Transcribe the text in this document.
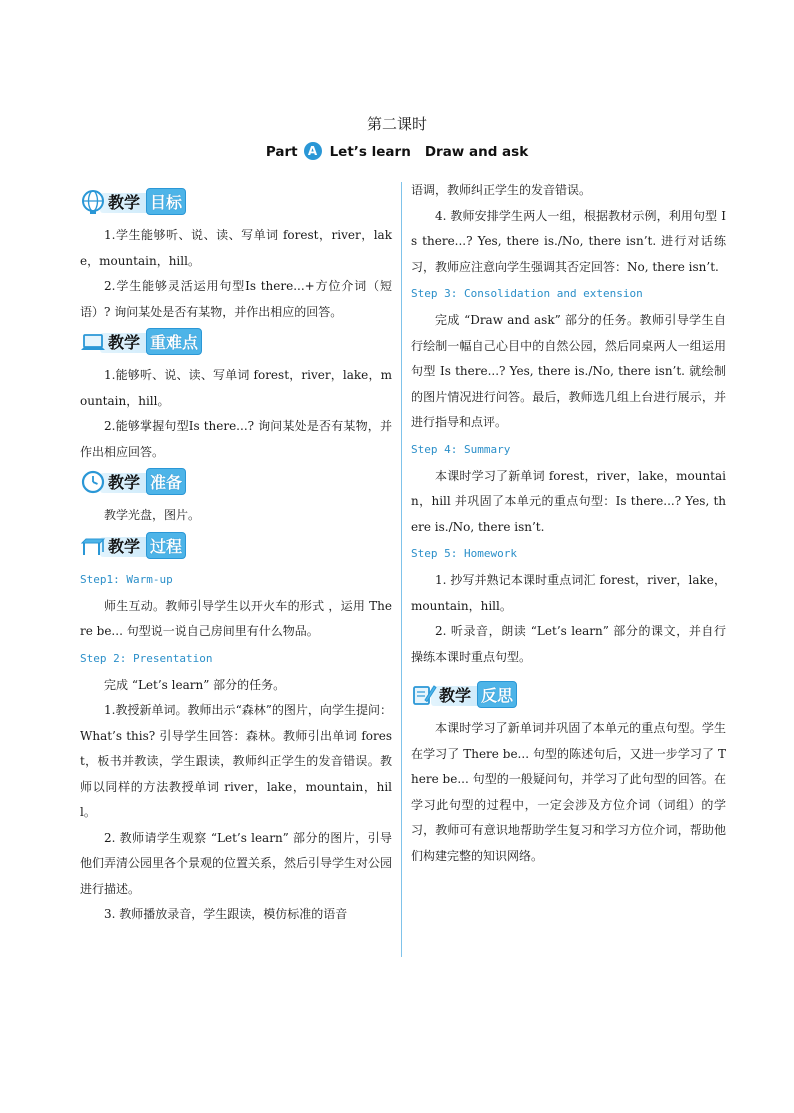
第二课时
Part A Let’s learn Draw and ask
教学 目标

1.学生能够听、说、读、写单词 forest，river，lake，mountain，hill。

2.学生能够灵活运用句型Is there...+方位介词（短语）? 询问某处是否有某物，并作出相应的回答。

教学 重难点

1.能够听、说、读、写单词 forest，river，lake，mountain，hill。

2.能够掌握句型Is there...? 询问某处是否有某物，并作出相应回答。

教学 准备

教学光盘，图片。

教学 过程
Step1: Warm-up

师生互动。教师引导学生以开火车的形式 ，运用 There be... 句型说一说自己房间里有什么物品。

Step 2: Presentation

完成 “Let’s learn” 部分的任务。

1.教授新单词。教师出示“森林”的图片，向学生提问：What’s this? 引导学生回答：森林。教师引出单词 forest，板书并教读，学生跟读，教师纠正学生的发音错误。教师以同样的方法教授单词 river，lake，mountain，hill。

2. 教师请学生观察 “Let’s learn” 部分的图片，引导他们弄清公园里各个景观的位置关系，然后引导学生对公园进行描述。

3. 教师播放录音，学生跟读，模仿标准的语音

语调，教师纠正学生的发音错误。

4. 教师安排学生两人一组，根据教材示例，利用句型 Is there...? Yes, there is./No, there isn’t. 进行对话练习，教师应注意向学生强调其否定回答：No, there isn’t.

Step 3: Consolidation and extension

完成 “Draw and ask” 部分的任务。教师引导学生自行绘制一幅自己心目中的自然公园，然后同桌两人一组运用句型 Is there...? Yes, there is./No, there isn’t. 就绘制的图片情况进行问答。最后，教师选几组上台进行展示，并进行指导和点评。

Step 4: Summary

本课时学习了新单词 forest，river，lake，mountain，hill 并巩固了本单元的重点句型：Is there...? Yes, there is./No, there isn’t.

Step 5: Homework

1. 抄写并熟记本课时重点词汇 forest，river，lake，mountain，hill。

2. 听录音，朗读 “Let’s learn” 部分的课文，并自行操练本课时重点句型。

教学 反思

本课时学习了新单词并巩固了本单元的重点句型。学生在学习了 There be... 句型的陈述句后，又进一步学习了 There be... 句型的一般疑问句，并学习了此句型的回答。在学习此句型的过程中，一定会涉及方位介词（词组）的学习，教师可有意识地帮助学生复习和学习方位介词，帮助他们构建完整的知识网络。
